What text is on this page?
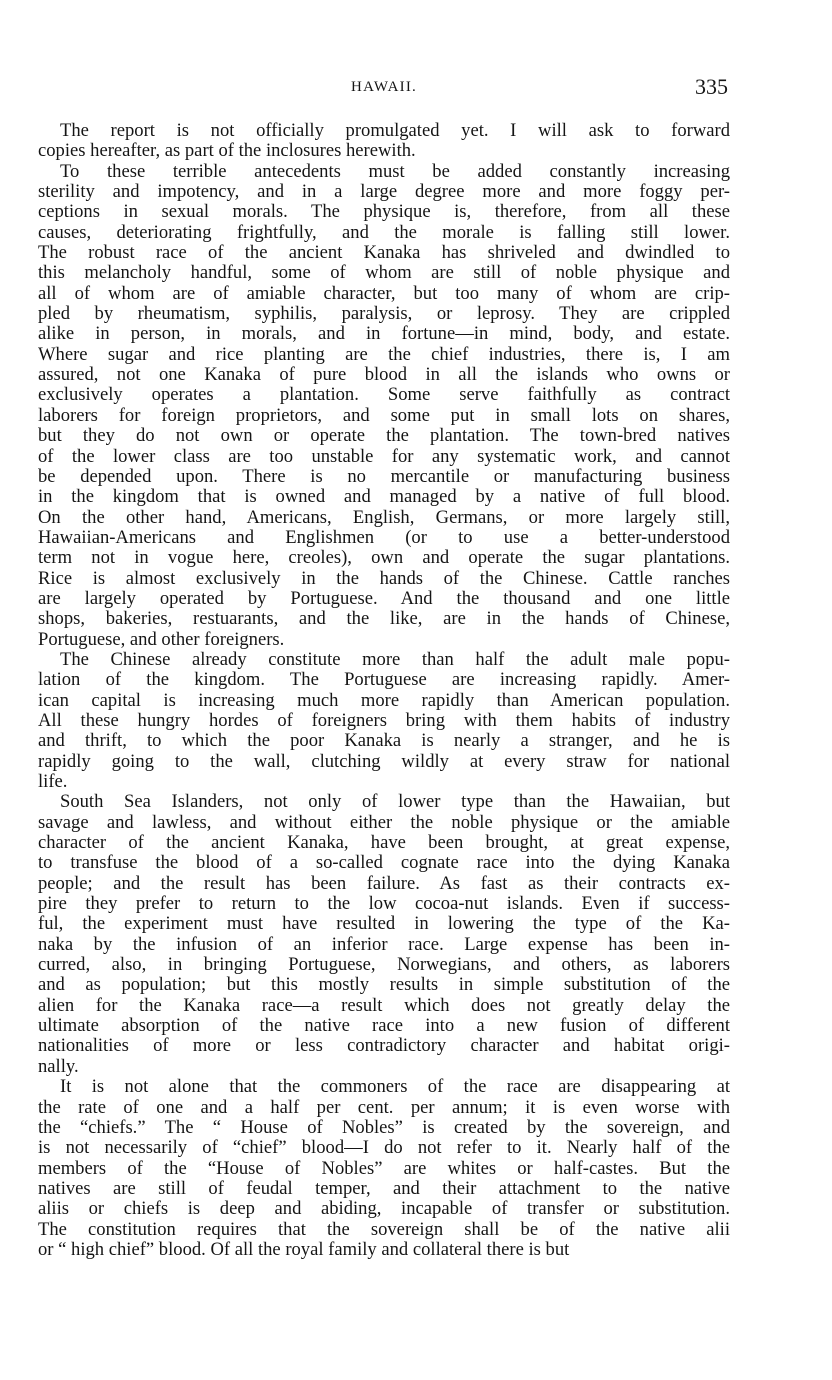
HAWAII.	335
The report is not officially promulgated yet. I will ask to forward
copies hereafter, as part of the inclosures herewith.
To these terrible antecedents must be added constantly increasing
sterility and impotency, and in a large degree more and more foggy per-
ceptions in sexual morals. The physique is, therefore, from all these
causes, deteriorating frightfully, and the morale is falling still lower.
The robust race of the ancient Kanaka has shriveled and dwindled to
this melancholy handful, some of whom are still of noble physique and
all of whom are of amiable character, but too many of whom are crip-
pled by rheumatism, syphilis, paralysis, or leprosy. They are crippled
alike in person, in morals, and in fortune—in mind, body, and estate.
Where sugar and rice planting are the chief industries, there is, I am
assured, not one Kanaka of pure blood in all the islands who owns or
exclusively operates a plantation. Some serve faithfully as contract
laborers for foreign proprietors, and some put in small lots on shares,
but they do not own or operate the plantation. The town-bred natives
of the lower class are too unstable for any systematic work, and cannot
be depended upon. There is no mercantile or manufacturing business
in the kingdom that is owned and managed by a native of full blood.
On the other hand, Americans, English, Germans, or more largely still,
Hawaiian-Americans and Englishmen (or to use a better-understood
term not in vogue here, creoles), own and operate the sugar plantations.
Rice is almost exclusively in the hands of the Chinese. Cattle ranches
are largely operated by Portuguese. And the thousand and one little
shops, bakeries, restuarants, and the like, are in the hands of Chinese,
Portuguese, and other foreigners.
The Chinese already constitute more than half the adult male popu-
lation of the kingdom. The Portuguese are increasing rapidly. Amer-
ican capital is increasing much more rapidly than American population.
All these hungry hordes of foreigners bring with them habits of industry
and thrift, to which the poor Kanaka is nearly a stranger, and he is
rapidly going to the wall, clutching wildly at every straw for national
life.
South Sea Islanders, not only of lower type than the Hawaiian, but
savage and lawless, and without either the noble physique or the amiable
character of the ancient Kanaka, have been brought, at great expense,
to transfuse the blood of a so-called cognate race into the dying Kanaka
people; and the result has been failure. As fast as their contracts ex-
pire they prefer to return to the low cocoa-nut islands. Even if success-
ful, the experiment must have resulted in lowering the type of the Ka-
naka by the infusion of an inferior race. Large expense has been in-
curred, also, in bringing Portuguese, Norwegians, and others, as laborers
and as population; but this mostly results in simple substitution of the
alien for the Kanaka race—a result which does not greatly delay the
ultimate absorption of the native race into a new fusion of different
nationalities of more or less contradictory character and habitat origi-
nally.
It is not alone that the commoners of the race are disappearing at
the rate of one and a half per cent. per annum; it is even worse with
the “chiefs.” The “ House of Nobles” is created by the sovereign, and
is not necessarily of “chief” blood—I do not refer to it. Nearly half of the
members of the “House of Nobles” are whites or half-castes. But the
natives are still of feudal temper, and their attachment to the native
aliis or chiefs is deep and abiding, incapable of transfer or substitution.
The constitution requires that the sovereign shall be of the native alii
or “ high chief” blood. Of all the royal family and collateral there is but
